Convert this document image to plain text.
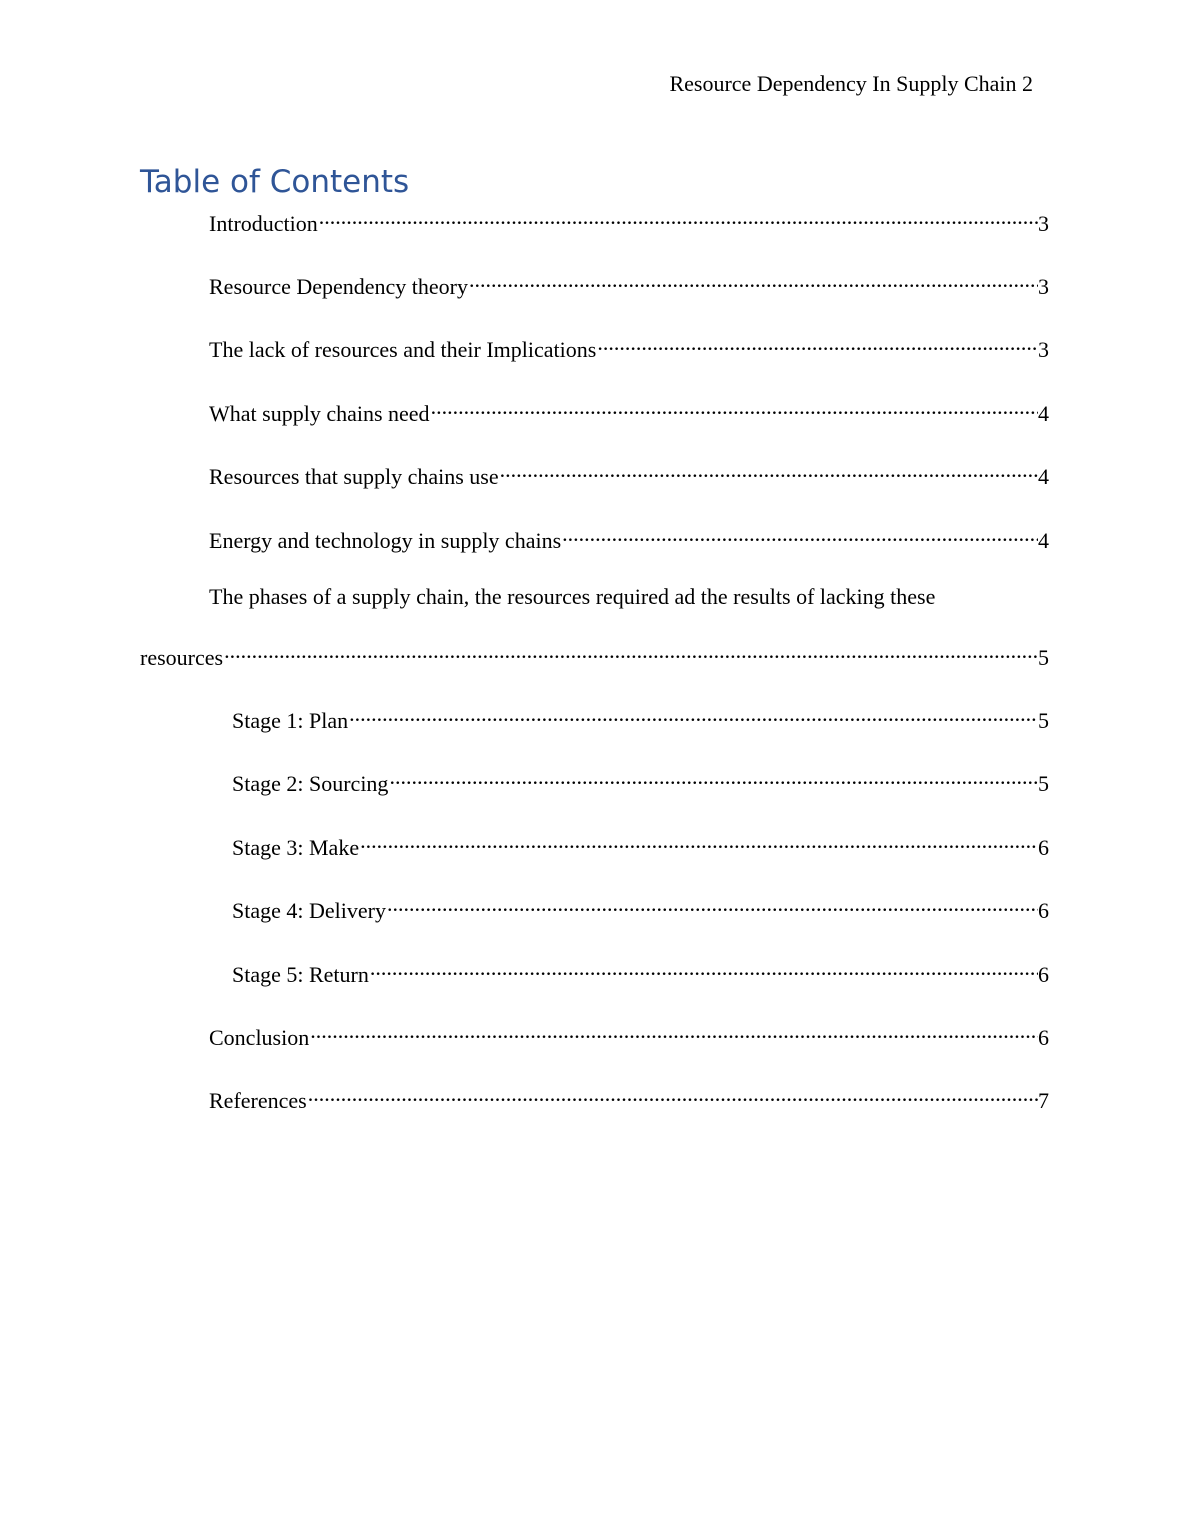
Resource Dependency In Supply Chain 2
Table of Contents
Introduction .....	3
Resource Dependency theory .....	3
The lack of resources and their Implications .....	3
What supply chains need .....	4
Resources that supply chains use .....	4
Energy and technology in supply chains .....	4
The phases of a supply chain, the resources required ad the results of lacking these
resources .....	5
Stage 1: Plan .....	5
Stage 2: Sourcing .....	5
Stage 3: Make .....	6
Stage 4: Delivery .....	6
Stage 5: Return .....	6
Conclusion .....	6
References .....	7
